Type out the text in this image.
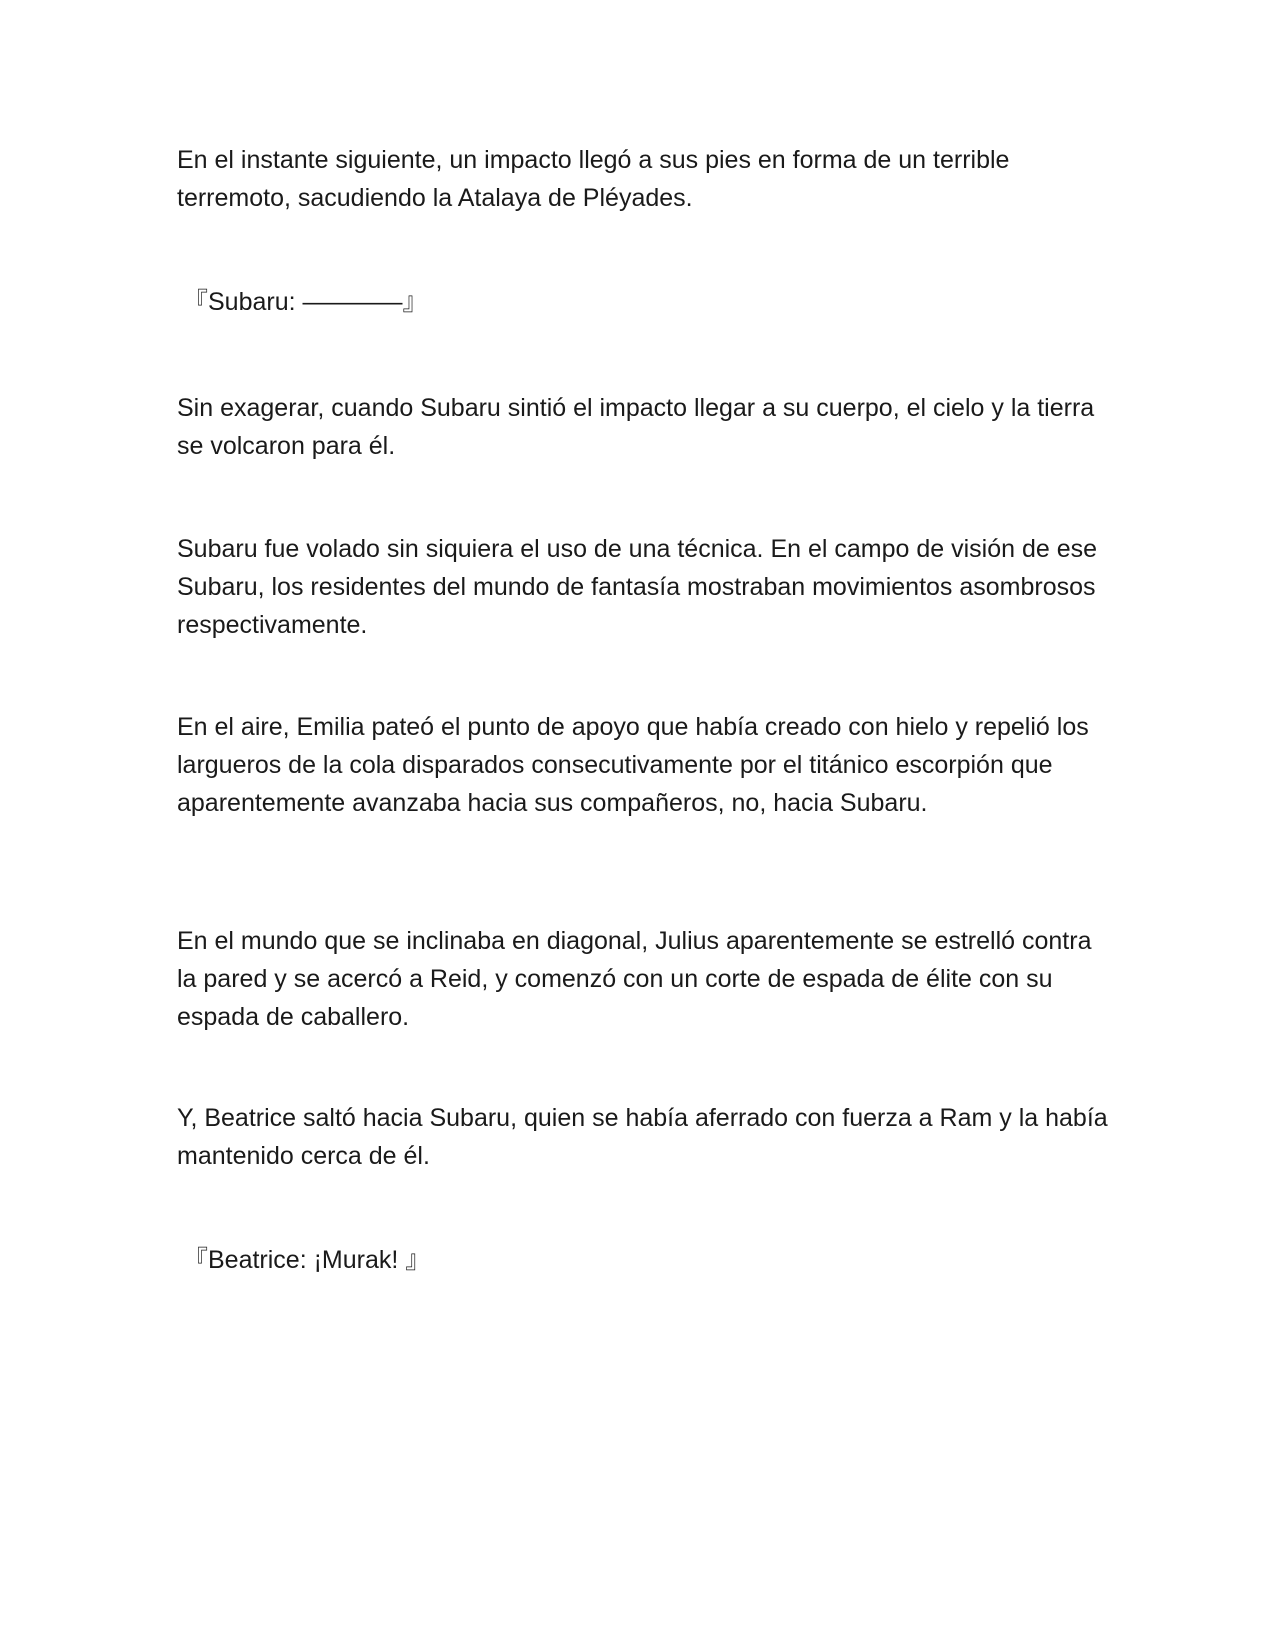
En el instante siguiente, un impacto llegó a sus pies en forma de un terrible terremoto, sacudiendo la Atalaya de Pléyades.

『Subaru: ————』

Sin exagerar, cuando Subaru sintió el impacto llegar a su cuerpo, el cielo y la tierra se volcaron para él.

Subaru fue volado sin siquiera el uso de una técnica. En el campo de visión de ese Subaru, los residentes del mundo de fantasía mostraban movimientos asombrosos respectivamente.

En el aire, Emilia pateó el punto de apoyo que había creado con hielo y repelió los largueros de la cola disparados consecutivamente por el titánico escorpión que aparentemente avanzaba hacia sus compañeros, no, hacia Subaru.

En el mundo que se inclinaba en diagonal, Julius aparentemente se estrelló contra la pared y se acercó a Reid, y comenzó con un corte de espada de élite con su espada de caballero.

Y, Beatrice saltó hacia Subaru, quien se había aferrado con fuerza a Ram y la había mantenido cerca de él.

『Beatrice: ¡Murak! 』
